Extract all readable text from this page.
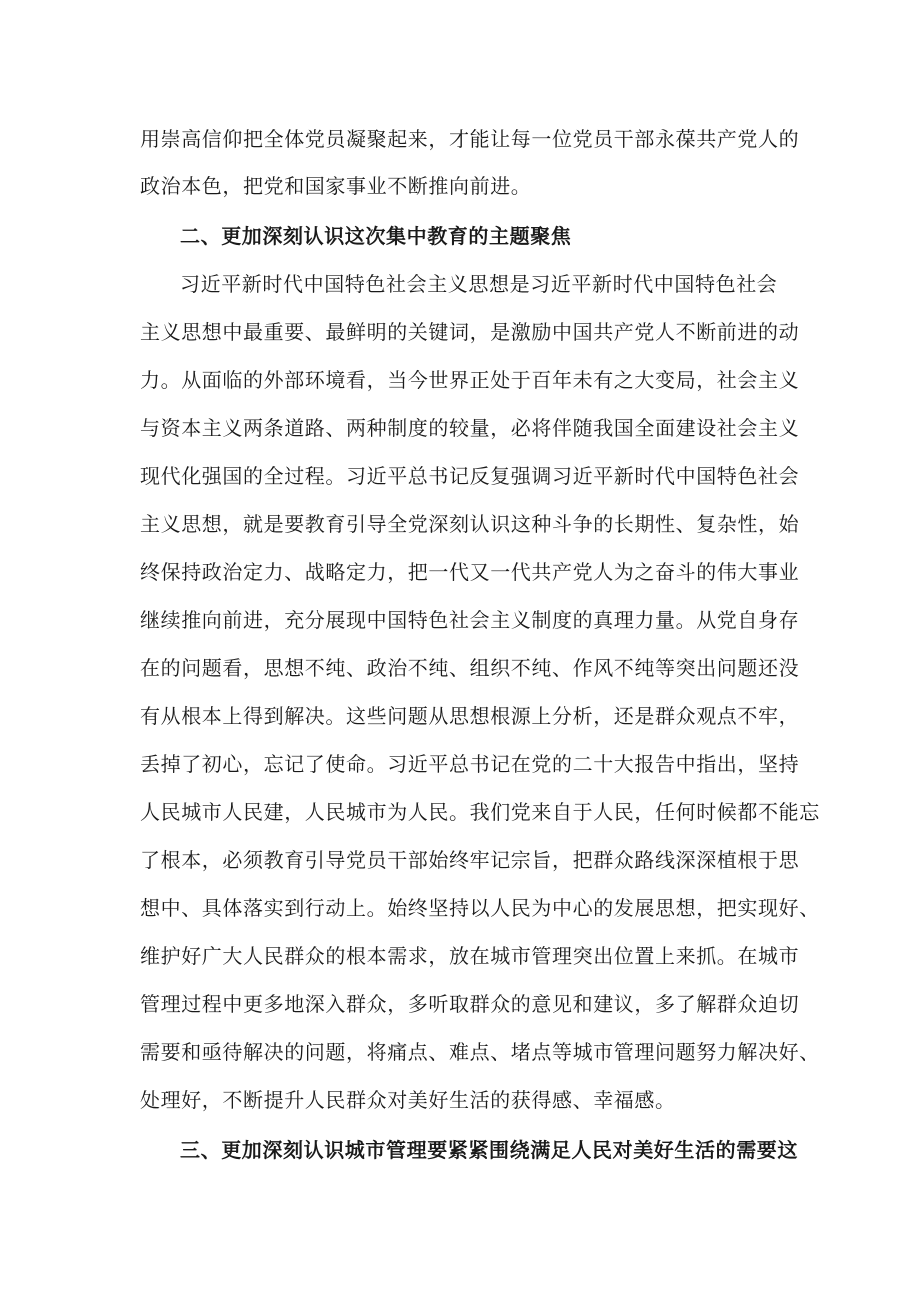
用崇高信仰把全体党员凝聚起来，才能让每一位党员干部永葆共产党人的
政治本色，把党和国家事业不断推向前进。
二、更加深刻认识这次集中教育的主题聚焦
习近平新时代中国特色社会主义思想是习近平新时代中国特色社会
主义思想中最重要、最鲜明的关键词，是激励中国共产党人不断前进的动
力。从面临的外部环境看，当今世界正处于百年未有之大变局，社会主义
与资本主义两条道路、两种制度的较量，必将伴随我国全面建设社会主义
现代化强国的全过程。习近平总书记反复强调习近平新时代中国特色社会
主义思想，就是要教育引导全党深刻认识这种斗争的长期性、复杂性，始
终保持政治定力、战略定力，把一代又一代共产党人为之奋斗的伟大事业
继续推向前进，充分展现中国特色社会主义制度的真理力量。从党自身存
在的问题看，思想不纯、政治不纯、组织不纯、作风不纯等突出问题还没
有从根本上得到解决。这些问题从思想根源上分析，还是群众观点不牢，
丢掉了初心，忘记了使命。习近平总书记在党的二十大报告中指出，坚持
人民城市人民建，人民城市为人民。我们党来自于人民，任何时候都不能忘
了根本，必须教育引导党员干部始终牢记宗旨，把群众路线深深植根于思
想中、具体落实到行动上。始终坚持以人民为中心的发展思想，把实现好、
维护好广大人民群众的根本需求，放在城市管理突出位置上来抓。在城市
管理过程中更多地深入群众，多听取群众的意见和建议，多了解群众迫切
需要和亟待解决的问题，将痛点、难点、堵点等城市管理问题努力解决好、
处理好，不断提升人民群众对美好生活的获得感、幸福感。
三、更加深刻认识城市管理要紧紧围绕满足人民对美好生活的需要这
